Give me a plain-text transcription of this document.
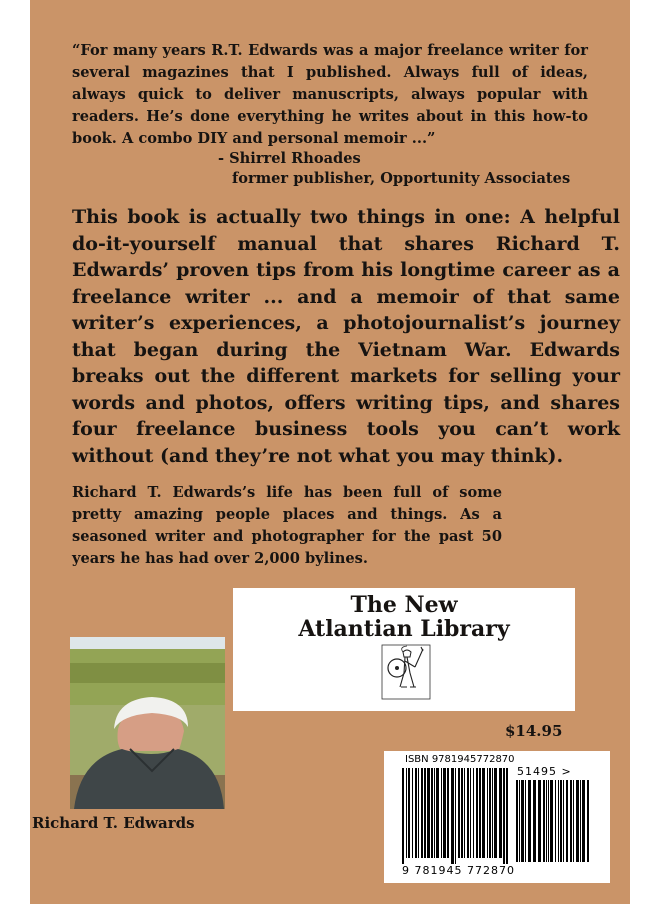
“For many years R.T. Edwards was a major freelance writer for several magazines that I published. Always full of ideas, always quick to deliver manuscripts, always popular with readers. He’s done everything he writes about in this how-to book. A combo DIY and personal memoir ...”
- Shirrel Rhoades
former publisher, Opportunity Associates
This book is actually two things in one: A helpful do-it-yourself manual that shares Richard T. Edwards’ proven tips from his longtime career as a freelance writer ... and a memoir of that same writer’s experiences, a photojournalist’s journey that began during the Vietnam War. Edwards breaks out the different markets for selling your words and photos, offers writing tips, and shares four freelance business tools you can’t work without (and they’re not what you may think).
Richard T. Edwards’s life has been full of some pretty amazing people places and things. As a seasoned writer and photographer for the past 50 years he has had over 2,000 bylines.
The New
Atlantian Library
Richard T. Edwards
$14.95
ISBN 9781945772870
9 781945 772870
51495 >
